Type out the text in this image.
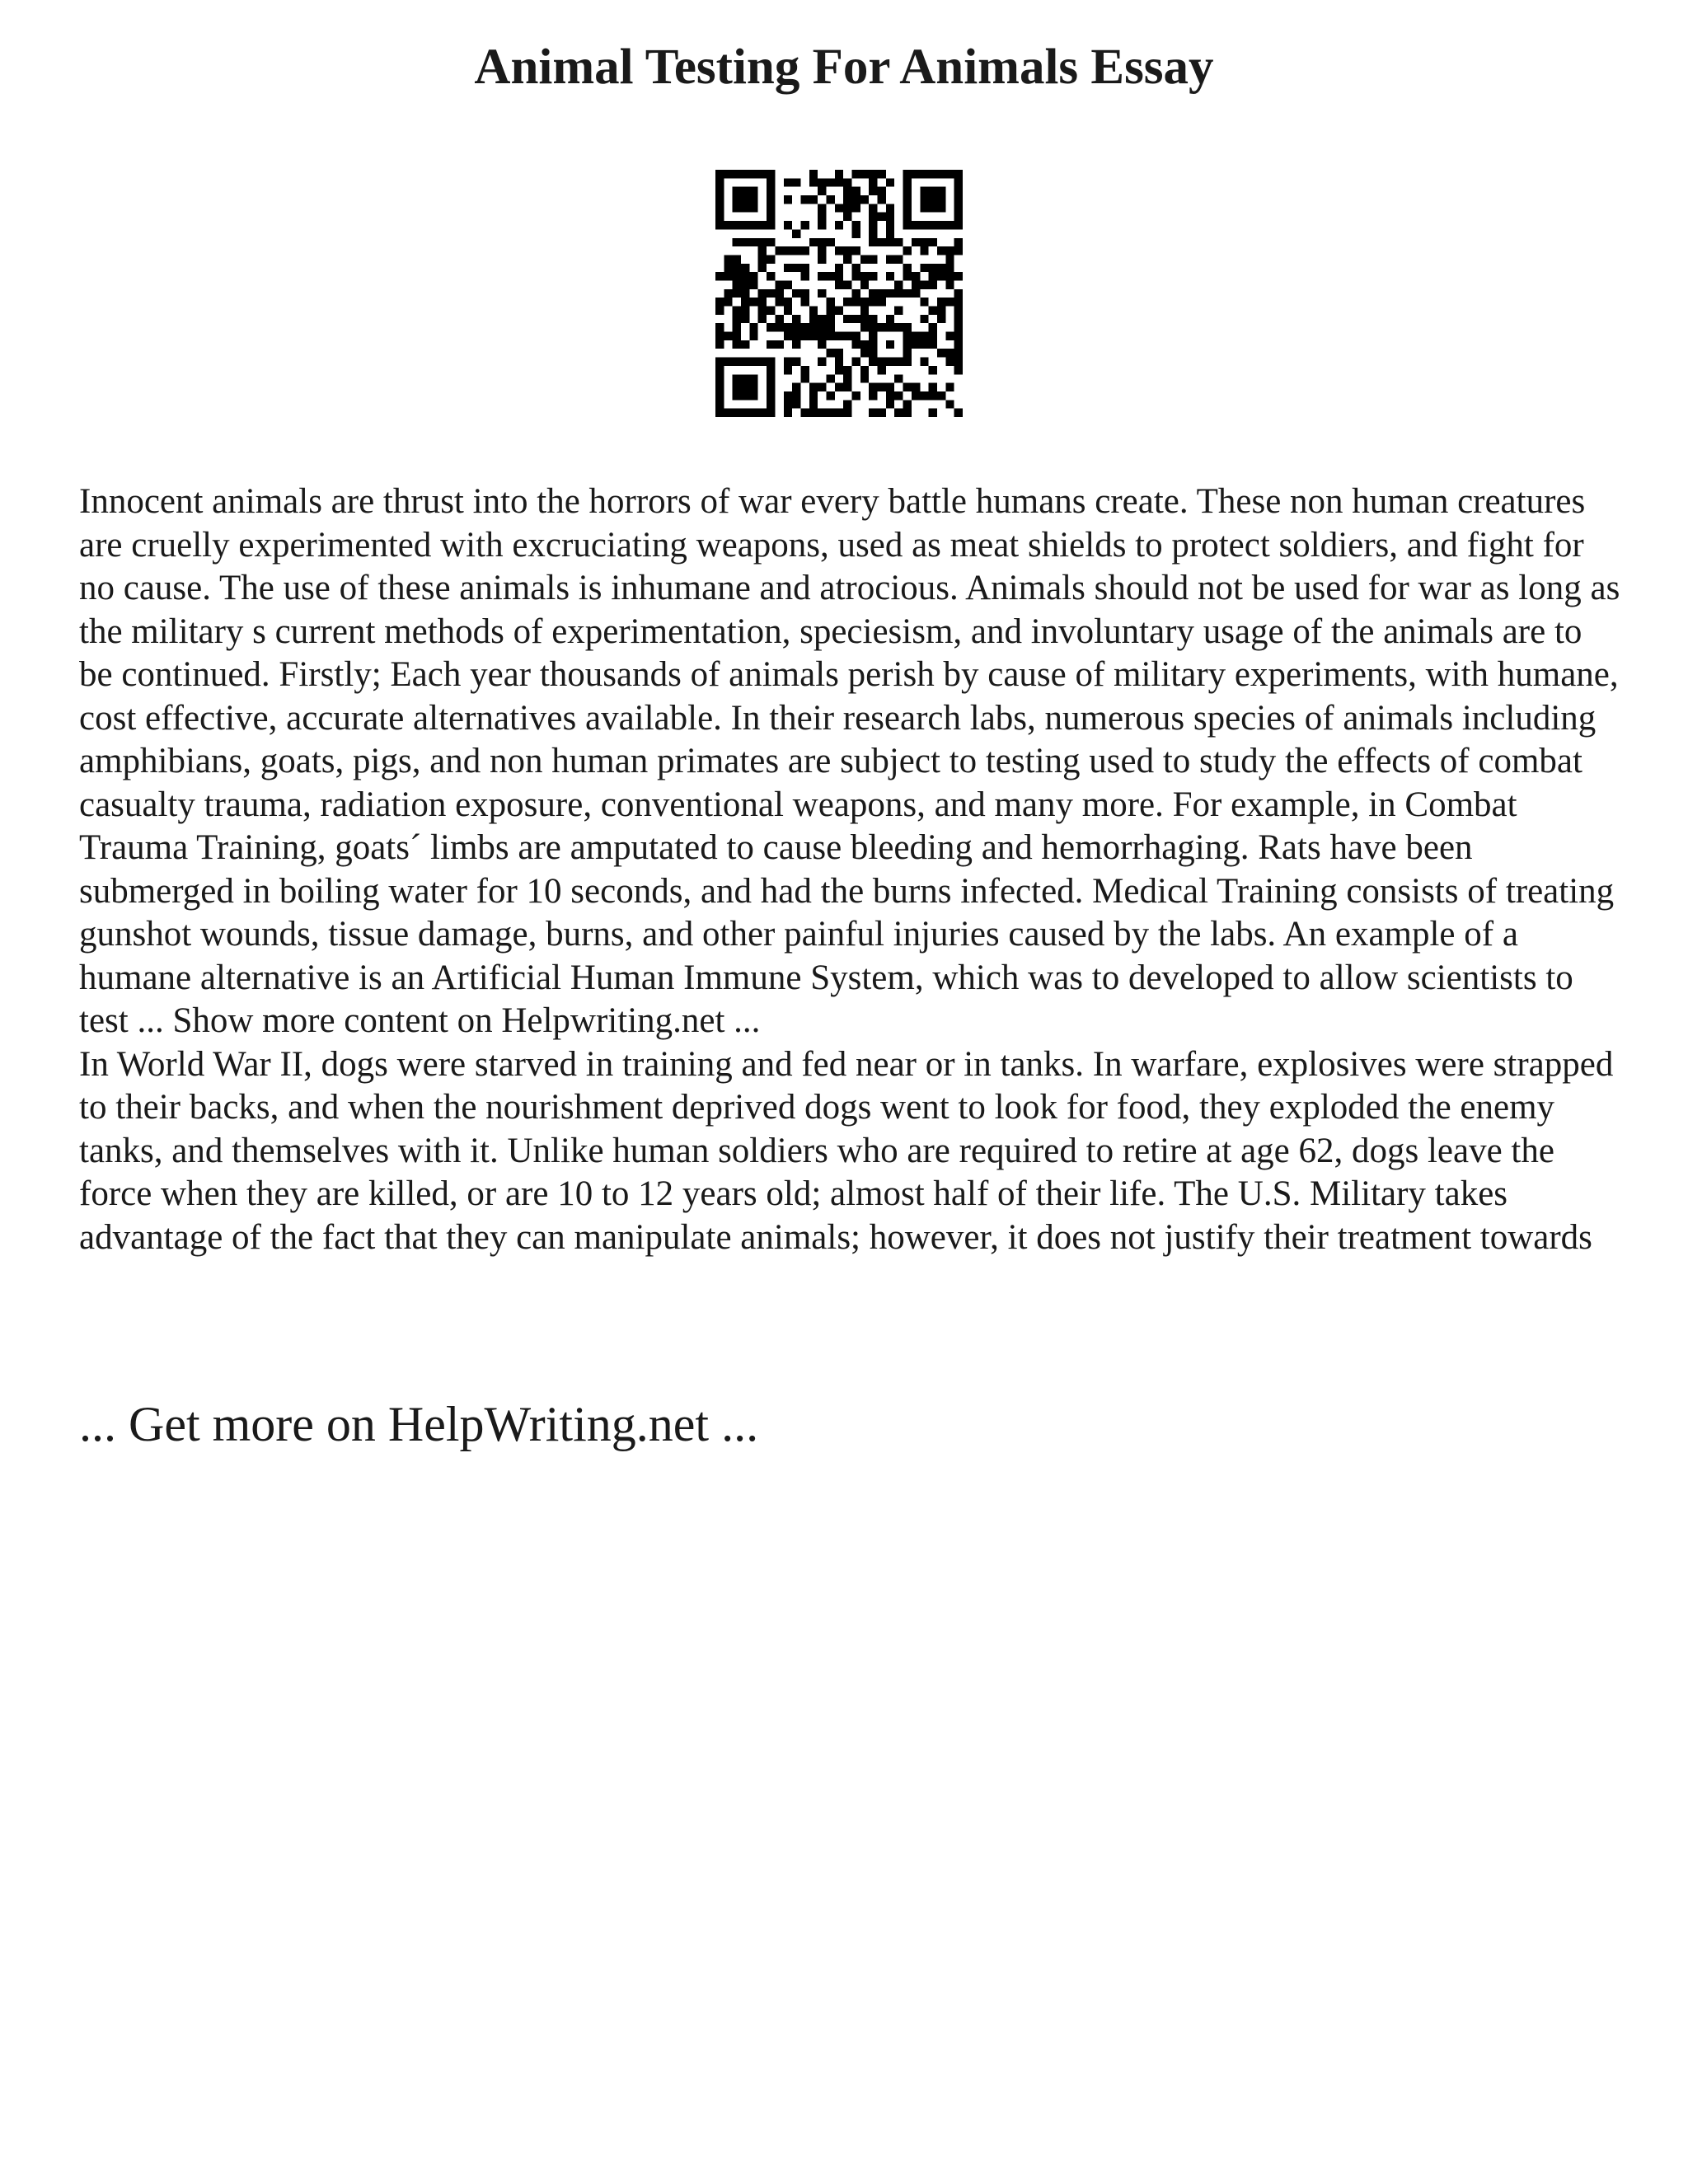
Animal Testing For Animals Essay

Innocent animals are thrust into the horrors of war every battle humans create. These non human creatures are cruelly experimented with excruciating weapons, used as meat shields to protect soldiers, and fight for no cause. The use of these animals is inhumane and atrocious. Animals should not be used for war as long as the military s current methods of experimentation, speciesism, and involuntary usage of the animals are to be continued. Firstly; Each year thousands of animals perish by cause of military experiments, with humane, cost effective, accurate alternatives available. In their research labs, numerous species of animals including amphibians, goats, pigs, and non human primates are subject to testing used to study the effects of combat casualty trauma, radiation exposure, conventional weapons, and many more. For example, in Combat Trauma Training, goats´ limbs are amputated to cause bleeding and hemorrhaging. Rats have been submerged in boiling water for 10 seconds, and had the burns infected. Medical Training consists of treating gunshot wounds, tissue damage, burns, and other painful injuries caused by the labs. An example of a humane alternative is an Artificial Human Immune System, which was to developed to allow scientists to test ... Show more content on Helpwriting.net ...

In World War II, dogs were starved in training and fed near or in tanks. In warfare, explosives were strapped to their backs, and when the nourishment deprived dogs went to look for food, they exploded the enemy tanks, and themselves with it. Unlike human soldiers who are required to retire at age 62, dogs leave the force when they are killed, or are 10 to 12 years old; almost half of their life. The U.S. Military takes advantage of the fact that they can manipulate animals; however, it does not justify their treatment towards

... Get more on HelpWriting.net ...
